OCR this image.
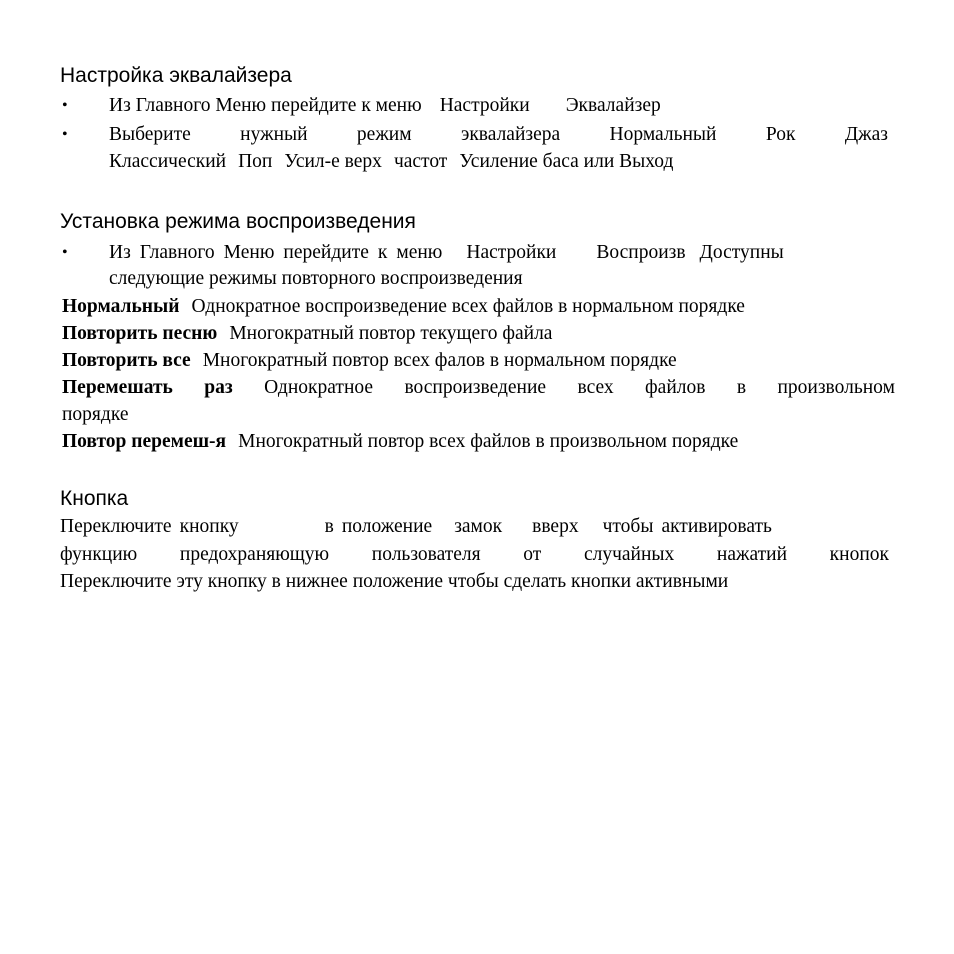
Настройка эквалайзера
• Из Главного Меню перейдите к меню Настройки Эквалайзер
• Выберите	нужный	режим	эквалайзера	Нормальный	Рок	Джаз
Классический Поп Усил-е верх частот Усиление баса или Выход
Установка режима воспроизведения
• Из Главного Меню перейдите к меню Настройки Воспроизв Доступны
следующие режимы повторного воспроизведения
Нормальный Однократное воспроизведение всех файлов в нормальном порядке
Повторить песню Многократный повтор текущего файла
Повторить все Многократный повтор всех фалов в нормальном порядке
Перемешать раз Однократное воспроизведение всех файлов в произвольном
порядке
Повтор перемеш-я Многократный повтор всех файлов в произвольном порядке
Кнопка
Переключите кнопку	в положение замок вверх чтобы активировать
функцию предохраняющую пользователя от случайных нажатий кнопок
Переключите эту кнопку в нижнее положение чтобы сделать кнопки активными
